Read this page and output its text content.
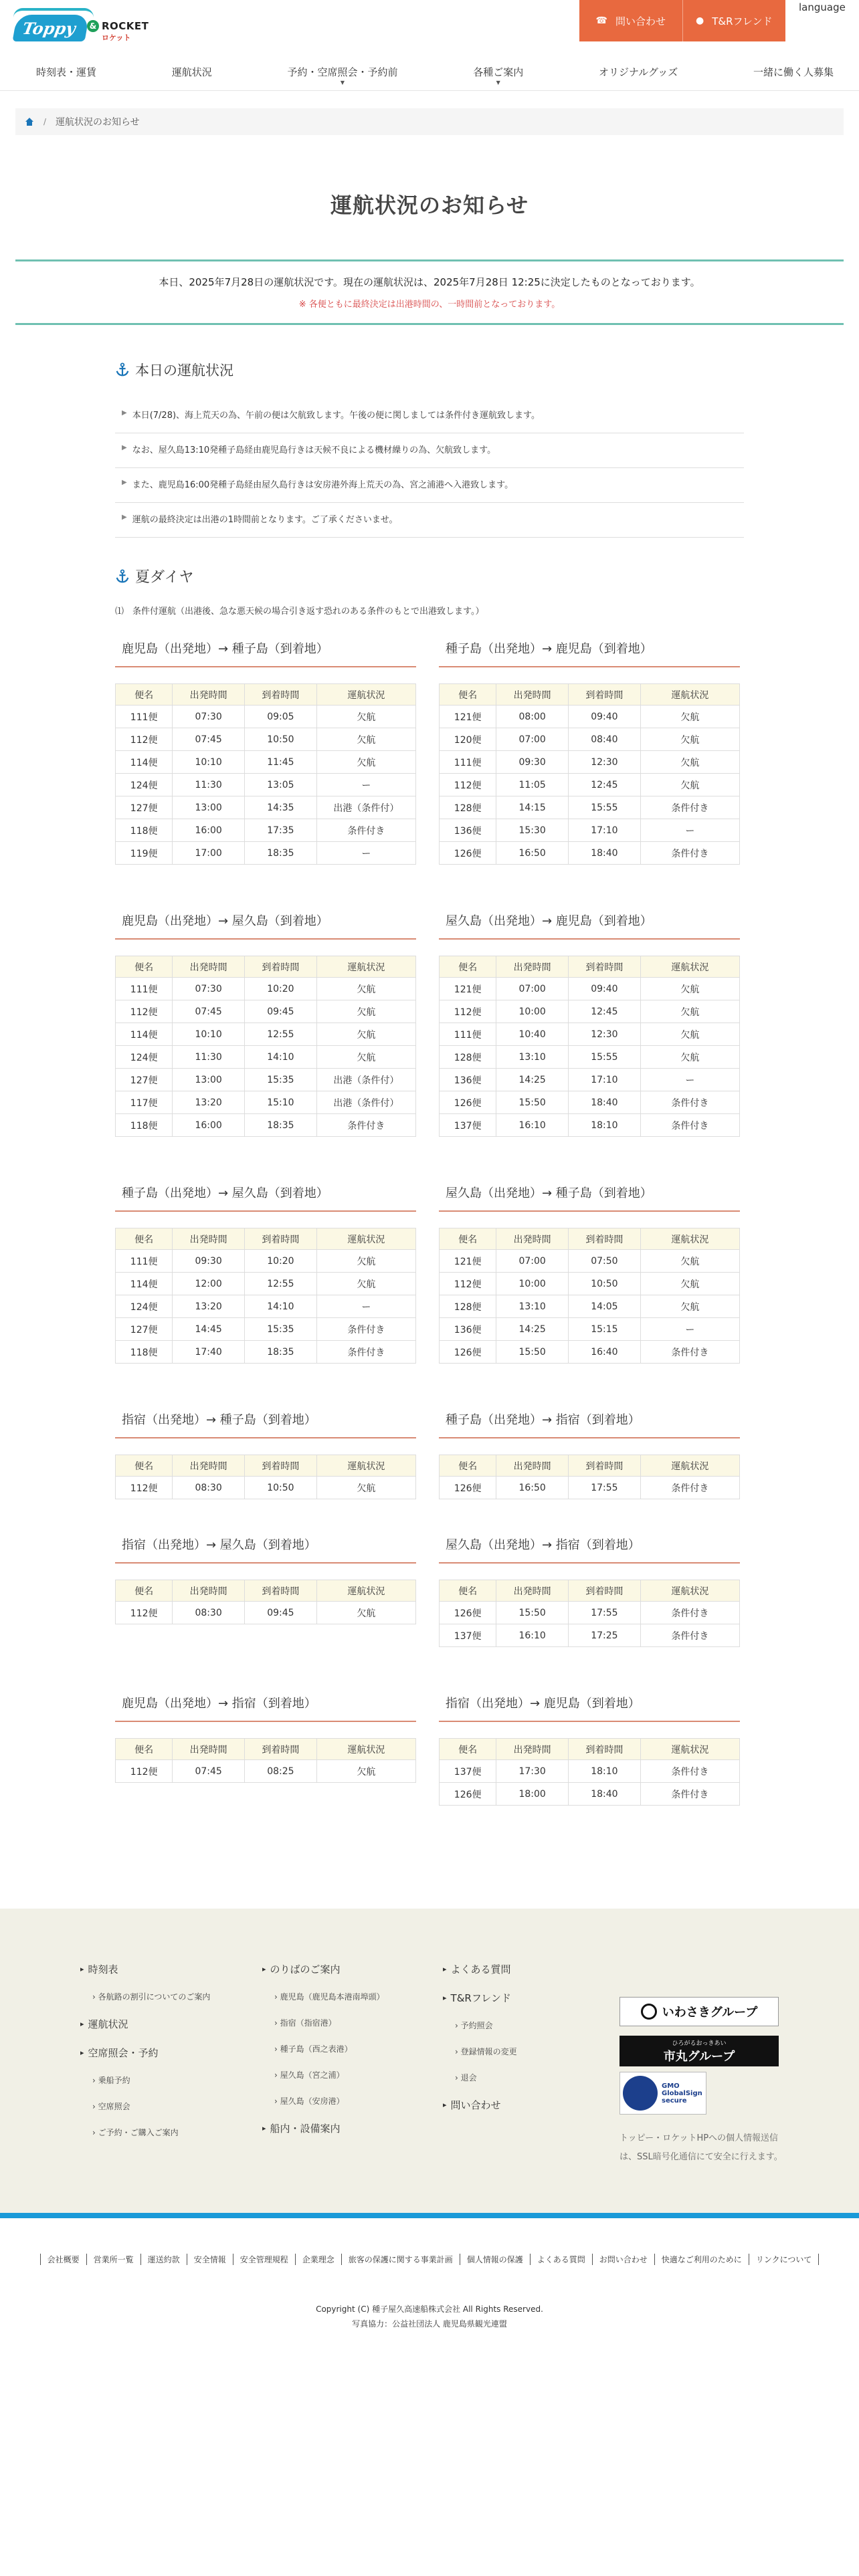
Toppy	& ROCKET
ロケット
☎ 問い合わせ	● T&Rフレンド
language
時刻表・運賃	運航状況	予約・空席照会・予約前
▼
各種ご案内
▼
オリジナルグッズ	一緒に働く人募集
/ 運航状況のお知らせ
運航状況のお知らせ

本日、2025年7月28日の運航状況です。現在の運航状況は、2025年7月28日 12:25に決定したものとなっております。

※ 各便ともに最終決定は出港時間の、一時間前となっております。

本日の運航状況
▶ 本日(7/28)、海上荒天の為、午前の便は欠航致します。午後の便に関しましては条件付き運航致します。
▶ なお、屋久島13:10発種子島経由鹿児島行きは天候不良による機材繰りの為、欠航致します。
▶ また、鹿児島16:00発種子島経由屋久島行きは安房港外海上荒天の為、宮之浦港へ入港致します。
▶ 運航の最終決定は出港の1時間前となります。ご了承くださいませ。
夏ダイヤ

⑴　条件付運航（出港後、急な悪天候の場合引き返す恐れのある条件のもとで出港致します。）

鹿児島（出発地）→ 種子島（到着地）
便名	出発時間	到着時間	運航状況
111便	07:30	09:05	欠航
112便	07:45	10:50	欠航
114便	10:10	11:45	欠航
124便	11:30	13:05	ー
127便	13:00	14:35	出港（条件付）
118便	16:00	17:35	条件付き
119便	17:00	18:35	ー
種子島（出発地）→ 鹿児島（到着地）
便名	出発時間	到着時間	運航状況
121便	08:00	09:40	欠航
120便	07:00	08:40	欠航
111便	09:30	12:30	欠航
112便	11:05	12:45	欠航
128便	14:15	15:55	条件付き
136便	15:30	17:10	ー
126便	16:50	18:40	条件付き
鹿児島（出発地）→ 屋久島（到着地）
便名	出発時間	到着時間	運航状況
111便	07:30	10:20	欠航
112便	07:45	09:45	欠航
114便	10:10	12:55	欠航
124便	11:30	14:10	欠航
127便	13:00	15:35	出港（条件付）
117便	13:20	15:10	出港（条件付）
118便	16:00	18:35	条件付き
屋久島（出発地）→ 鹿児島（到着地）
便名	出発時間	到着時間	運航状況
121便	07:00	09:40	欠航
112便	10:00	12:45	欠航
111便	10:40	12:30	欠航
128便	13:10	15:55	欠航
136便	14:25	17:10	ー
126便	15:50	18:40	条件付き
137便	16:10	18:10	条件付き
種子島（出発地）→ 屋久島（到着地）
便名	出発時間	到着時間	運航状況
111便	09:30	10:20	欠航
114便	12:00	12:55	欠航
124便	13:20	14:10	ー
127便	14:45	15:35	条件付き
118便	17:40	18:35	条件付き
屋久島（出発地）→ 種子島（到着地）
便名	出発時間	到着時間	運航状況
121便	07:00	07:50	欠航
112便	10:00	10:50	欠航
128便	13:10	14:05	欠航
136便	14:25	15:15	ー
126便	15:50	16:40	条件付き
指宿（出発地）→ 種子島（到着地）
便名	出発時間	到着時間	運航状況
112便	08:30	10:50	欠航
種子島（出発地）→ 指宿（到着地）
便名	出発時間	到着時間	運航状況
126便	16:50	17:55	条件付き
指宿（出発地）→ 屋久島（到着地）
便名	出発時間	到着時間	運航状況
112便	08:30	09:45	欠航
屋久島（出発地）→ 指宿（到着地）
便名	出発時間	到着時間	運航状況
126便	15:50	17:55	条件付き
137便	16:10	17:25	条件付き
鹿児島（出発地）→ 指宿（到着地）
便名	出発時間	到着時間	運航状況
112便	07:45	08:25	欠航
指宿（出発地）→ 鹿児島（到着地）
便名	出発時間	到着時間	運航状況
137便	17:30	18:10	条件付き
126便	18:00	18:40	条件付き
▸ 時刻表
› 各航路の割引についてのご案内
▸ 運航状況
▸ 空席照会・予約
› 乗船予約
› 空席照会
› ご予約・ご購入ご案内
▸ のりばのご案内
› 鹿児島（鹿児島本港南埠頭）
› 指宿（指宿港）
› 種子島（西之表港）
› 屋久島（宮之浦）
› 屋久島（安房港）
▸ 船内・設備案内
▸ よくある質問
▸ T&Rフレンド
› 予約照会
› 登録情報の変更
› 退会
▸ 問い合わせ
いわさきグループ
ひろがるおっきあい
市丸グループ
GMO GlobalSign secure

トッピー・ロケットHPへの個人情報送信は、SSL暗号化通信にて安全に行えます。

会社概要	営業所一覧	運送約款	安全情報	安全管理規程	企業理念	旅客の保護に関する事業計画	個人情報の保護	よくある質問	お問い合わせ	快適なご利用のために	リンクについて
Copyright (C) 種子屋久高速船株式会社 All Rights Reserved.
写真協力：公益社団法人 鹿児島県観光連盟
